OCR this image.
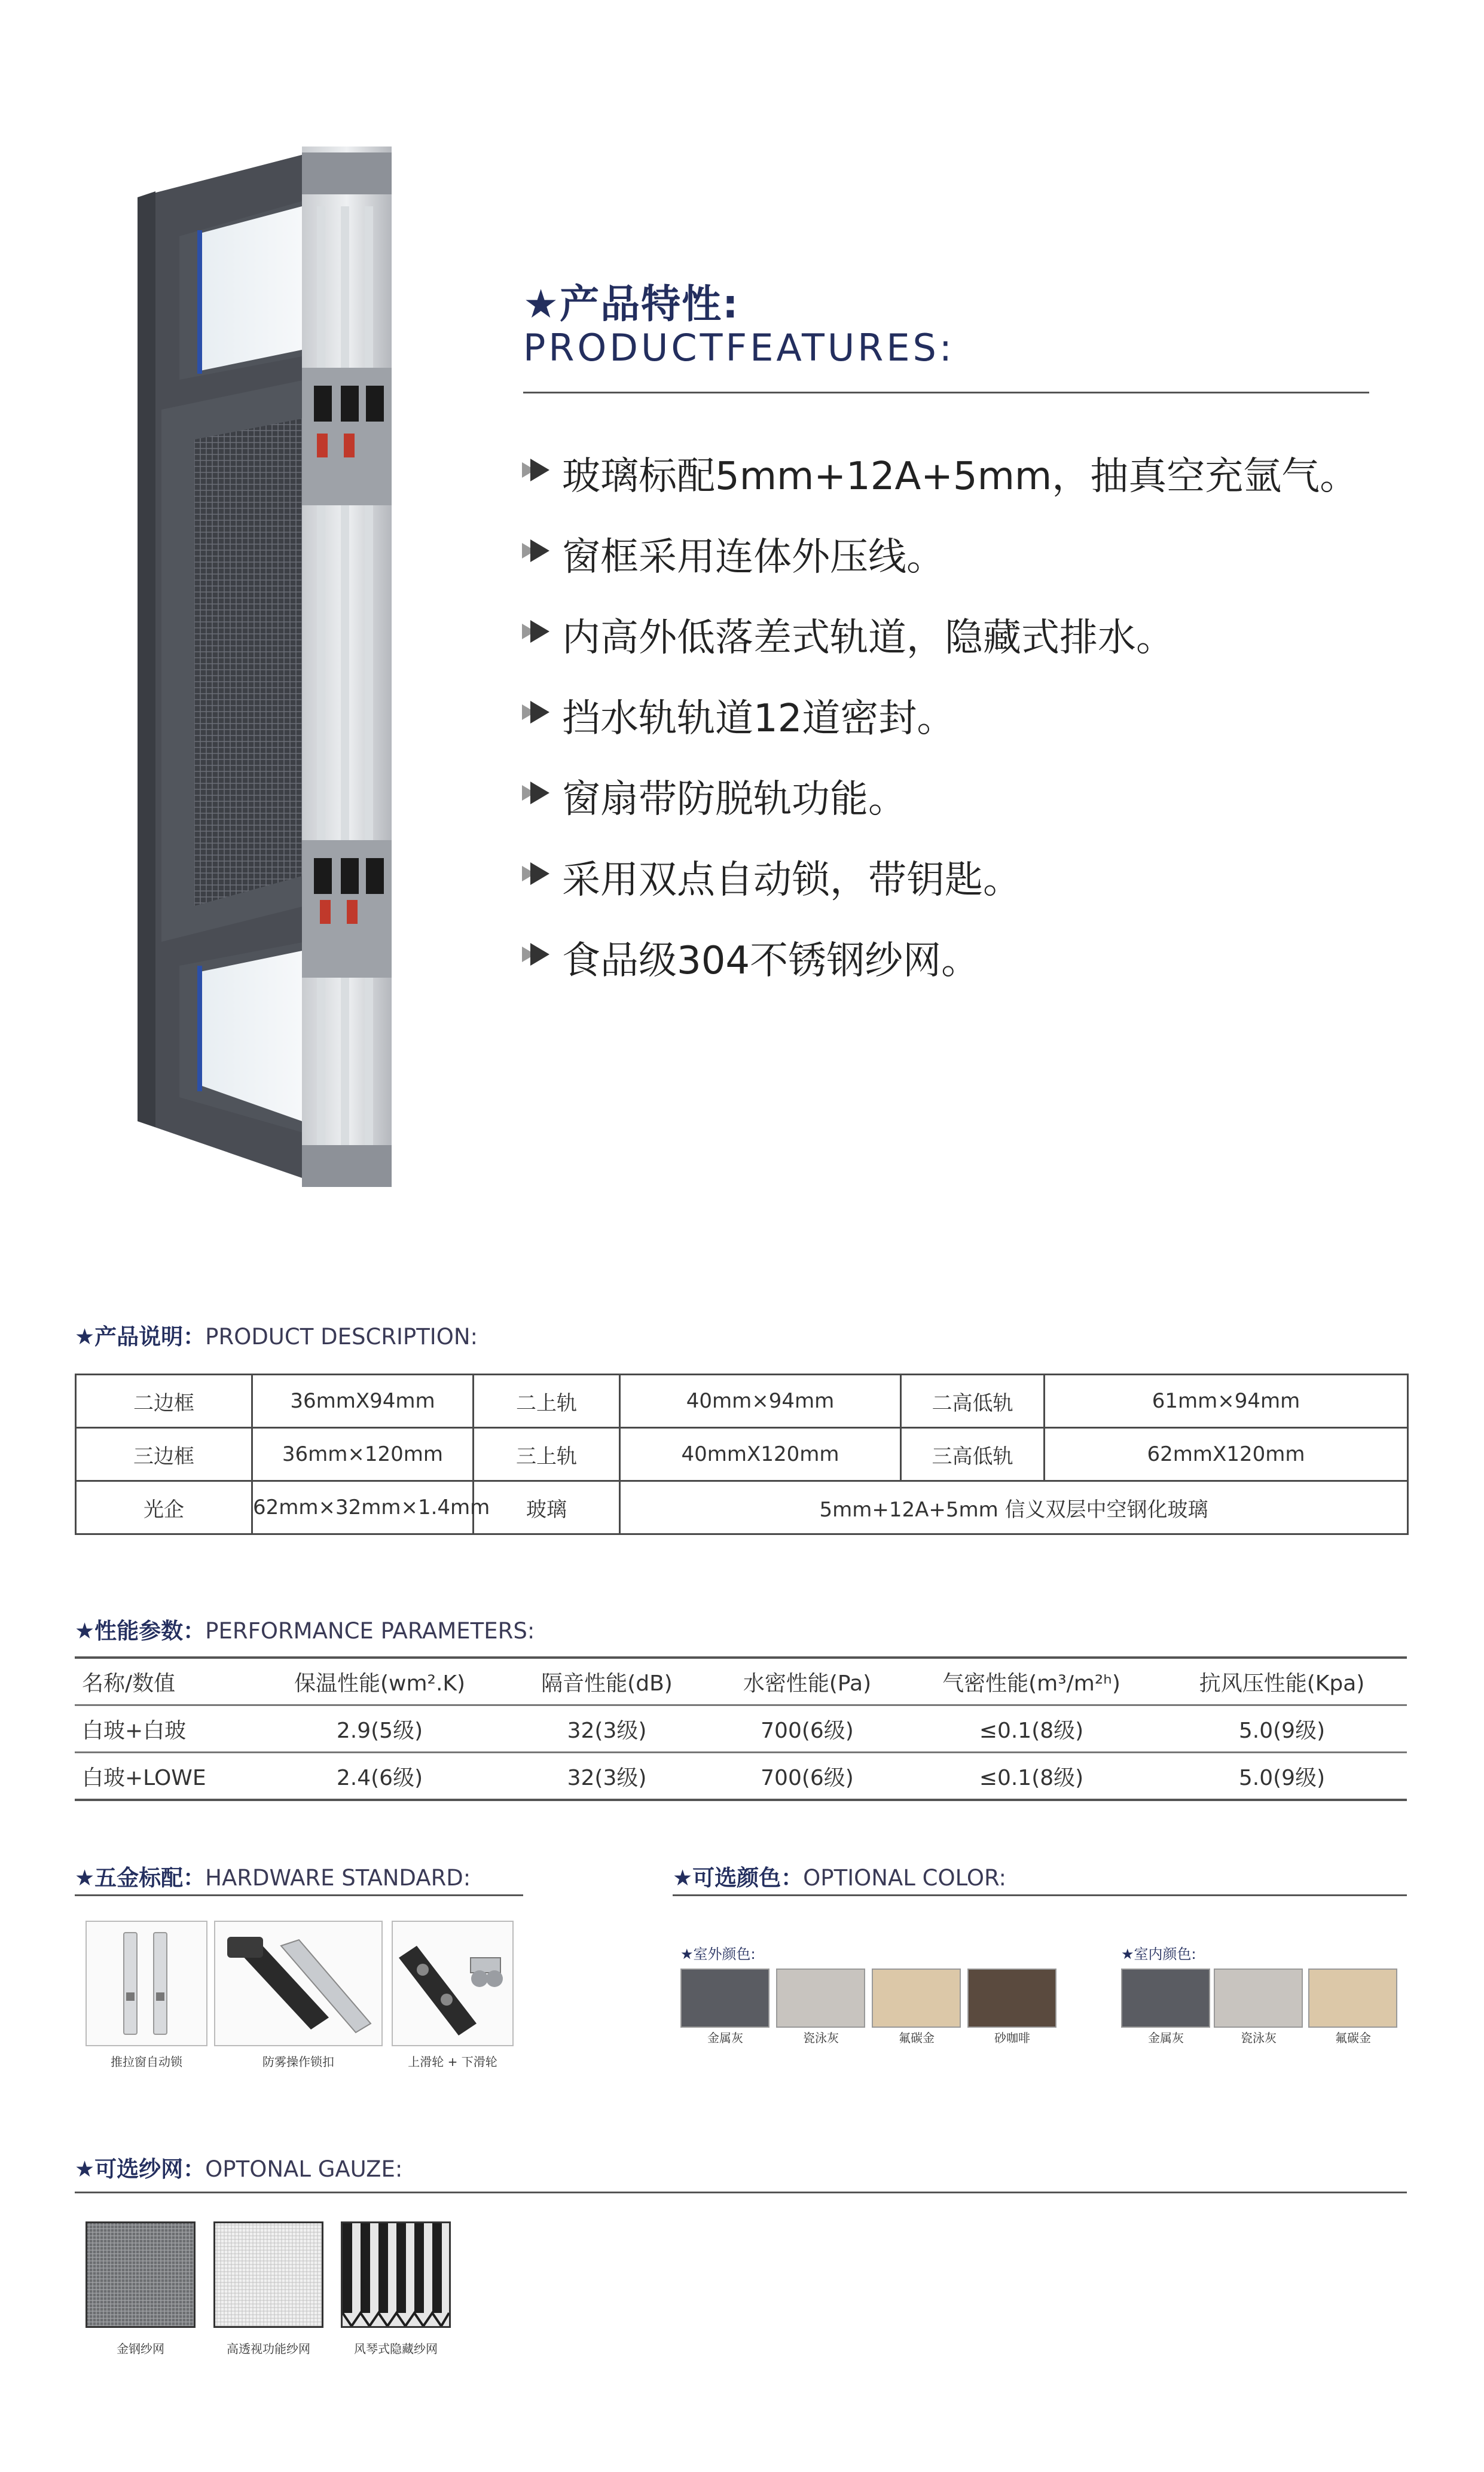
★产品特性:
PRODUCTFEATURES:
玻璃标配5mm+12A+5mm，抽真空充氩气。
窗框采用连体外压线。
内高外低落差式轨道，隐藏式排水。
挡水轨轨道12道密封。
窗扇带防脱轨功能。
采用双点自动锁，带钥匙。
食品级304不锈钢纱网。
★产品说明：PRODUCT DESCRIPTION:
二边框	36mmX94mm	二上轨	40mm×94mm	二高低轨	61mm×94mm
三边框	36mm×120mm	三上轨	40mmX120mm	三高低轨	62mmX120mm
光企	62mm×32mm×1.4mm	玻璃	5mm+12A+5mm 信义双层中空钢化玻璃		
★性能参数：PERFORMANCE PARAMETERS:
名称/数值	保温性能(wm².K)	隔音性能(dB)	水密性能(Pa)	气密性能(m³/m²ʰ)	抗风压性能(Kpa)
白玻+白玻	2.9(5级)	32(3级)	700(6级)	≤0.1(8级)	5.0(9级)
白玻+LOWE	2.4(6级)	32(3级)	700(6级)	≤0.1(8级)	5.0(9级)
★五金标配：HARDWARE STANDARD:
推拉窗自动锁	防雾操作锁扣	上滑轮 + 下滑轮
★可选颜色：OPTIONAL COLOR:
★室外颜色:	★室内颜色:
金属灰	瓷泳灰	氟碳金	砂咖啡	金属灰	瓷泳灰	氟碳金
★可选纱网：OPTONAL GAUZE:
金钢纱网	高透视功能纱网	风琴式隐藏纱网
